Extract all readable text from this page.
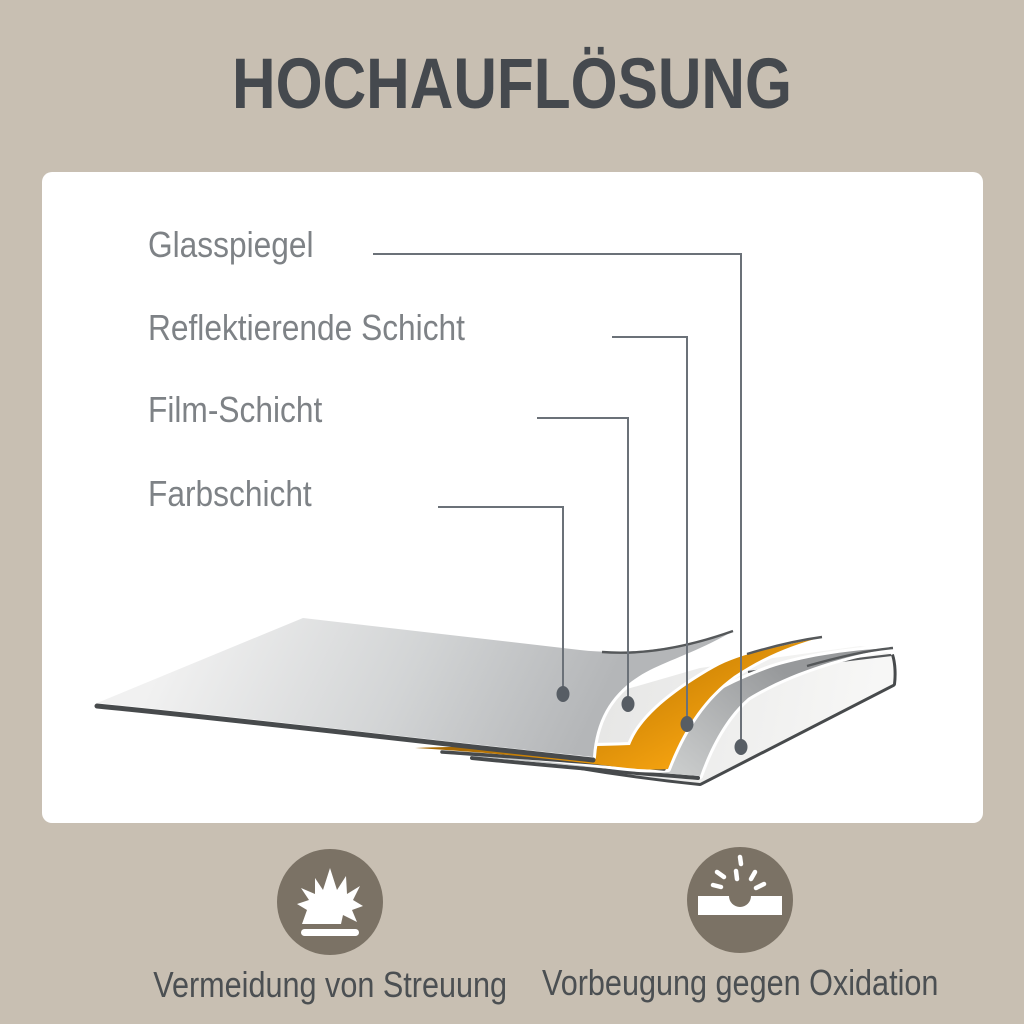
HOCHAUFLÖSUNG
Glasspiegel
Reflektierende Schicht
Film-Schicht
Farbschicht
Vermeidung von Streuung Vorbeugung gegen Oxidation
